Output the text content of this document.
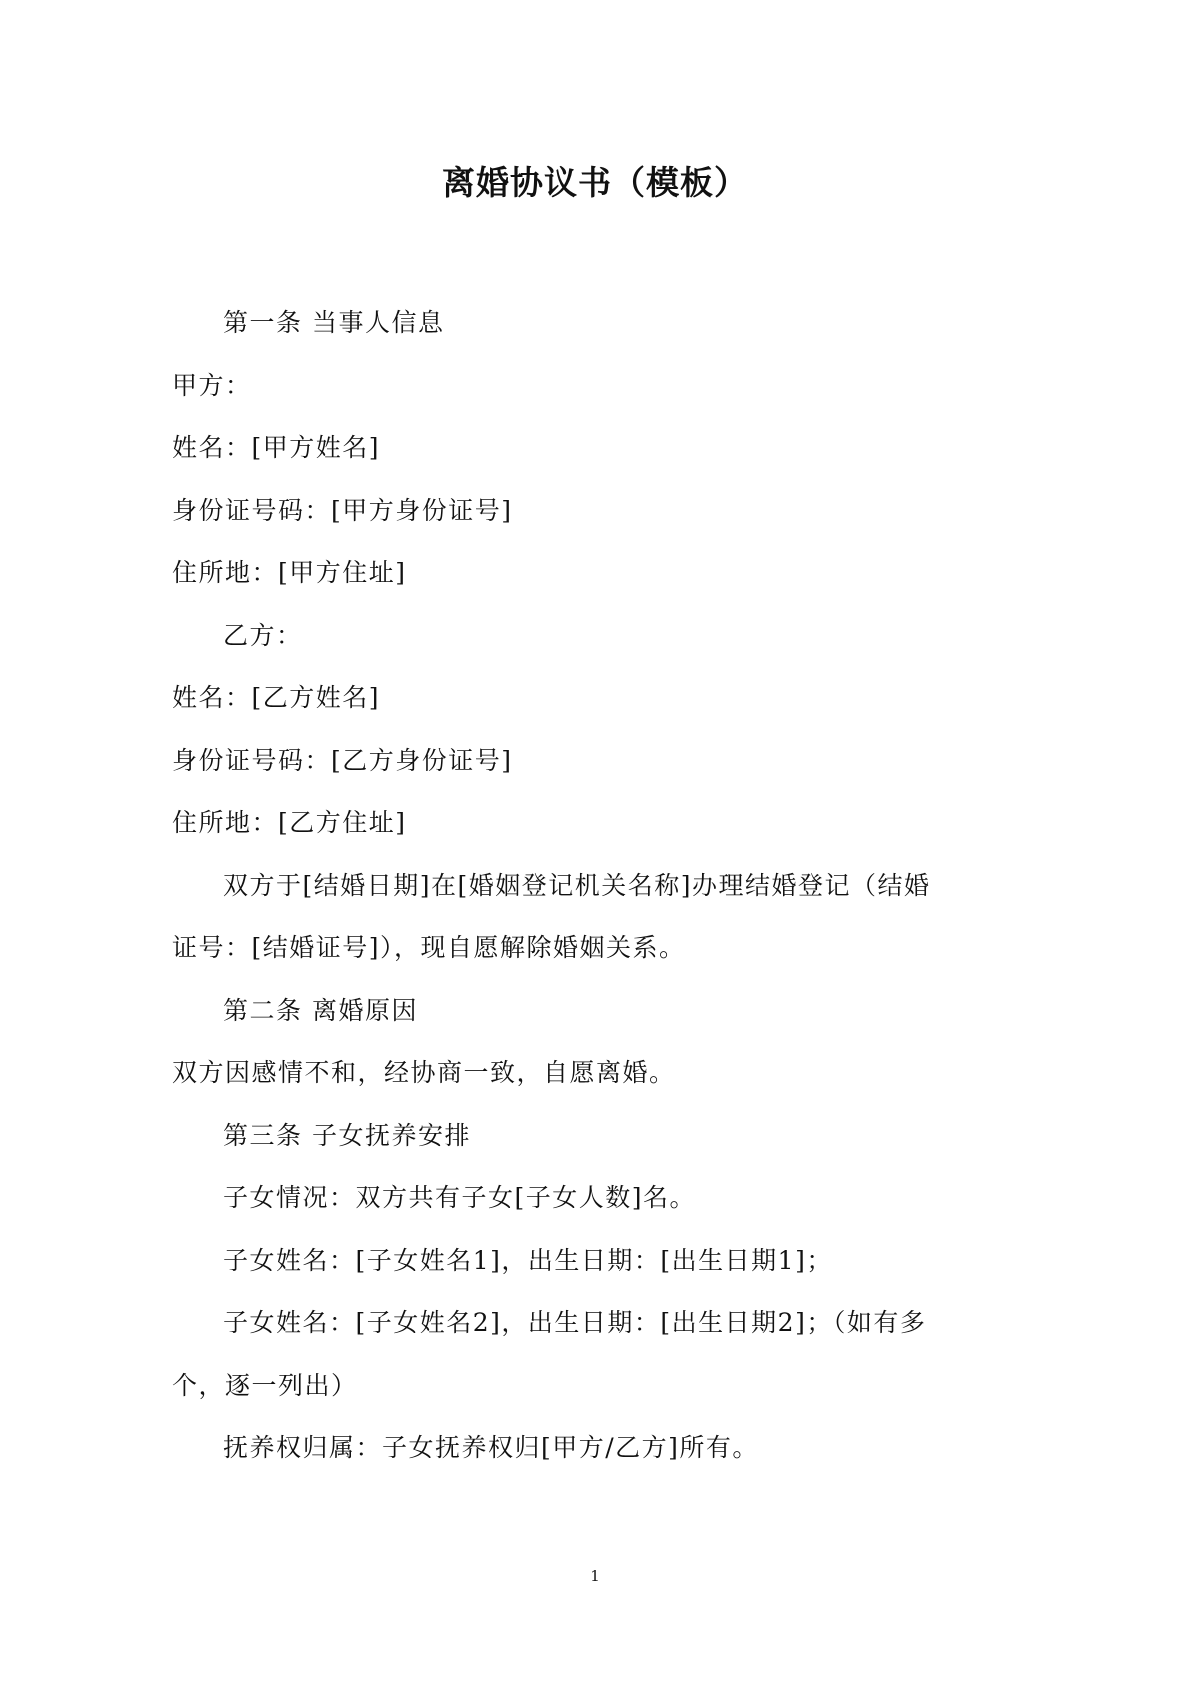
离婚协议书（模板）

第一条 当事人信息

甲方：

姓名：[甲方姓名]

身份证号码：[甲方身份证号]

住所地：[甲方住址]

乙方：

姓名：[乙方姓名]

身份证号码：[乙方身份证号]

住所地：[乙方住址]

双方于[结婚日期]在[婚姻登记机关名称]办理结婚登记（结婚证号：[结婚证号]），现自愿解除婚姻关系。

第二条 离婚原因

双方因感情不和，经协商一致，自愿离婚。

第三条 子女抚养安排

子女情况：双方共有子女[子女人数]名。

子女姓名：[子女姓名1]，出生日期：[出生日期1]；

子女姓名：[子女姓名2]，出生日期：[出生日期2]；（如有多个，逐一列出）

抚养权归属：子女抚养权归[甲方/乙方]所有。

1
